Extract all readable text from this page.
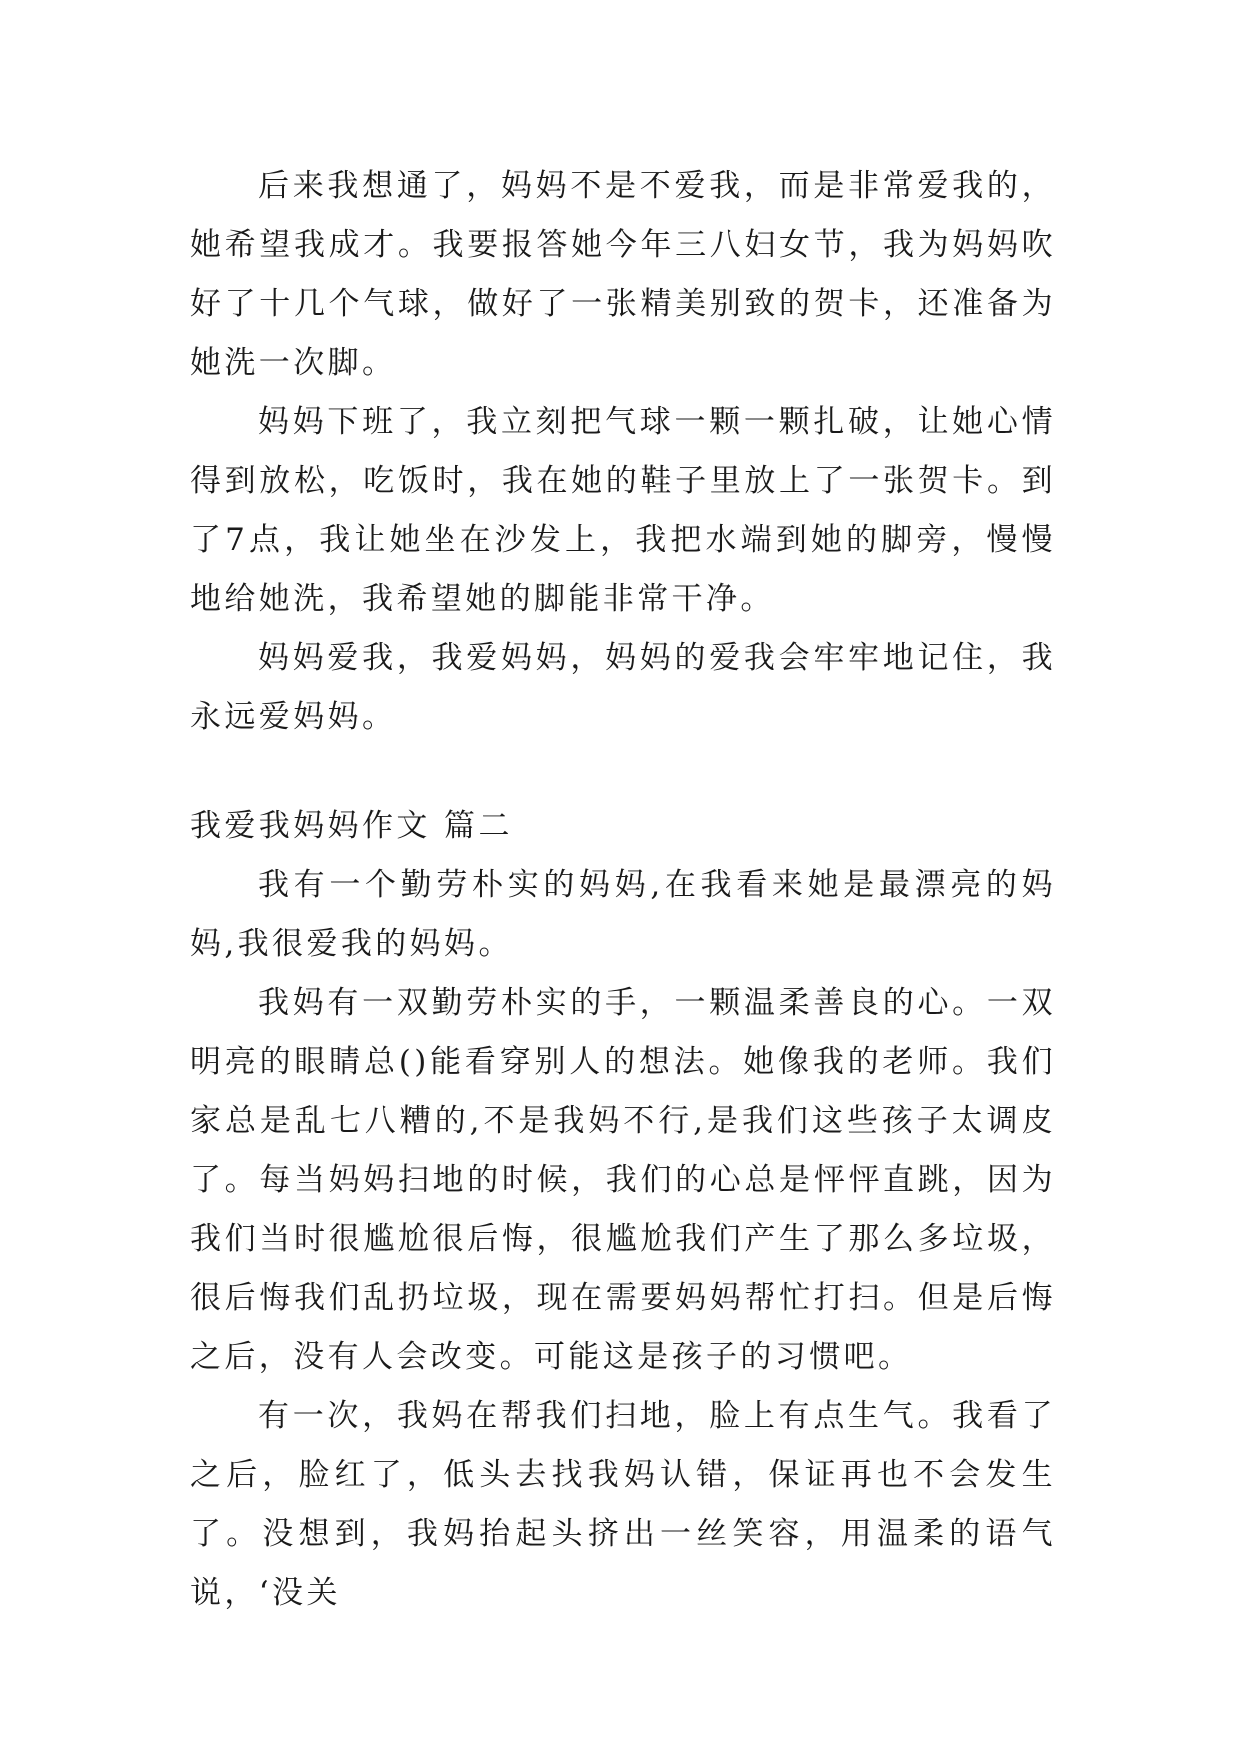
后来我想通了，妈妈不是不爱我，而是非常爱我的，她希望我成才。我要报答她今年三八妇女节，我为妈妈吹好了十几个气球，做好了一张精美别致的贺卡，还准备为她洗一次脚。

妈妈下班了，我立刻把气球一颗一颗扎破，让她心情得到放松，吃饭时，我在她的鞋子里放上了一张贺卡。到了7点，我让她坐在沙发上，我把水端到她的脚旁，慢慢地给她洗，我希望她的脚能非常干净。

妈妈爱我，我爱妈妈，妈妈的爱我会牢牢地记住，我永远爱妈妈。

我爱我妈妈作文 篇二

我有一个勤劳朴实的妈妈,在我看来她是最漂亮的妈妈,我很爱我的妈妈。

我妈有一双勤劳朴实的手，一颗温柔善良的心。一双明亮的眼睛总()能看穿别人的想法。她像我的老师。我们家总是乱七八糟的,不是我妈不行,是我们这些孩子太调皮了。每当妈妈扫地的时候，我们的心总是怦怦直跳，因为我们当时很尴尬很后悔，很尴尬我们产生了那么多垃圾，很后悔我们乱扔垃圾，现在需要妈妈帮忙打扫。但是后悔之后，没有人会改变。可能这是孩子的习惯吧。

有一次，我妈在帮我们扫地，脸上有点生气。我看了之后，脸红了，低头去找我妈认错，保证再也不会发生了。没想到，我妈抬起头挤出一丝笑容，用温柔的语气说，‘没关
